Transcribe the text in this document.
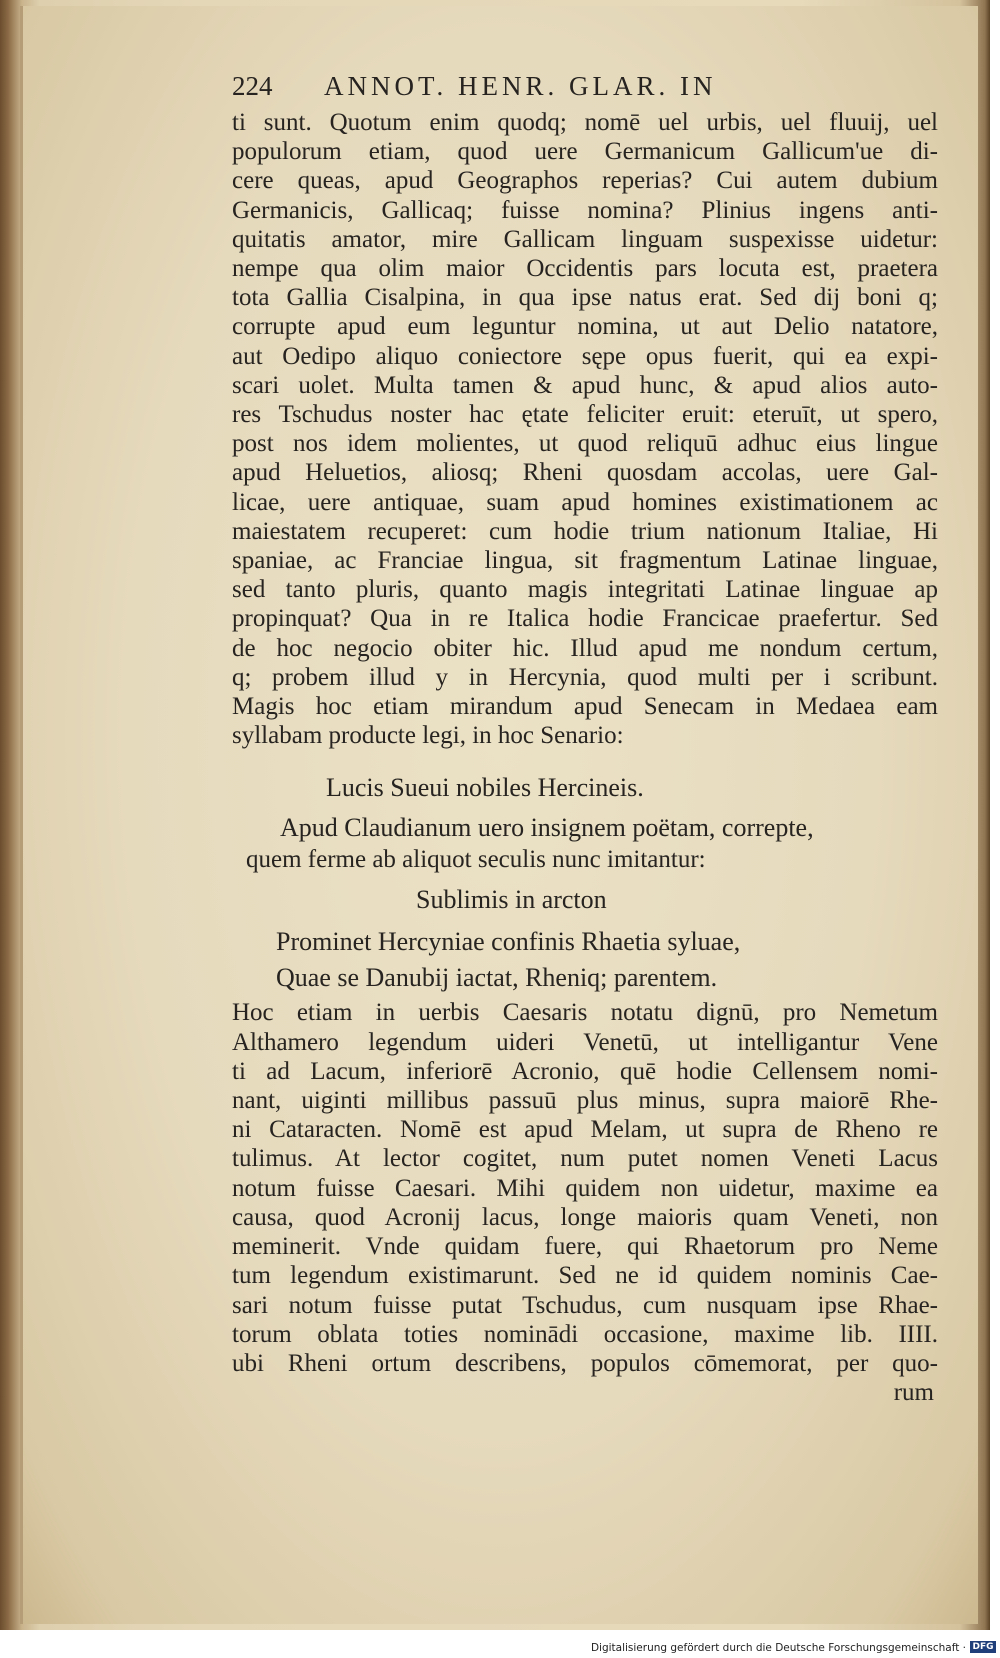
224 ANNOT. HENR. GLAR. IN
ti sunt. Quotum enim quodq; nomē uel urbis, uel fluuij, uel
populorum etiam, quod uere Germanicum Gallicum'ue di-
cere queas, apud Geographos reperias? Cui autem dubium
Germanicis, Gallicaq; fuisse nomina? Plinius ingens anti-
quitatis amator, mire Gallicam linguam suspexisse uidetur:
nempe qua olim maior Occidentis pars locuta est, praetera
tota Gallia Cisalpina, in qua ipse natus erat. Sed dij boni q;
corrupte apud eum leguntur nomina, ut aut Delio natatore,
aut Oedipo aliquo coniectore sępe opus fuerit, qui ea expi-
scari uolet. Multa tamen & apud hunc, & apud alios auto-
res Tschudus noster hac ętate feliciter eruit: eteruīt, ut spero,
post nos idem molientes, ut quod reliquū adhuc eius lingue
apud Heluetios, aliosq; Rheni quosdam accolas, uere Gal-
licae, uere antiquae, suam apud homines existimationem ac
maiestatem recuperet: cum hodie trium nationum Italiae, Hi
spaniae, ac Franciae lingua, sit fragmentum Latinae linguae,
sed tanto pluris, quanto magis integritati Latinae linguae ap
propinquat? Qua in re Italica hodie Francicae praefertur. Sed
de hoc negocio obiter hic. Illud apud me nondum certum,
q; probem illud y in Hercynia, quod multi per i scribunt.
Magis hoc etiam mirandum apud Senecam in Medaea eam
syllabam producte legi, in hoc Senario:
Lucis Sueui nobiles Hercineis.
Apud Claudianum uero insignem poëtam, correpte,
quem ferme ab aliquot seculis nunc imitantur:
Sublimis in arcton
Prominet Hercyniae confinis Rhaetia syluae,
Quae se Danubij iactat, Rheniq; parentem.
Hoc etiam in uerbis Caesaris notatu dignū, pro Nemetum
Althamero legendum uideri Venetū, ut intelligantur Vene
ti ad Lacum, inferiorē Acronio, quē hodie Cellensem nomi-
nant, uiginti millibus passuū plus minus, supra maiorē Rhe-
ni Cataracten. Nomē est apud Melam, ut supra de Rheno re
tulimus. At lector cogitet, num putet nomen Veneti Lacus
notum fuisse Caesari. Mihi quidem non uidetur, maxime ea
causa, quod Acronij lacus, longe maioris quam Veneti, non
meminerit. Vnde quidam fuere, qui Rhaetorum pro Neme
tum legendum existimarunt. Sed ne id quidem nominis Cae-
sari notum fuisse putat Tschudus, cum nusquam ipse Rhae-
torum oblata toties nominādi occasione, maxime lib. IIII.
ubi Rheni ortum describens, populos cōmemorat, per quo-
rum
Digitalisierung gefördert durch die Deutsche Forschungsgemeinschaft · DFG
